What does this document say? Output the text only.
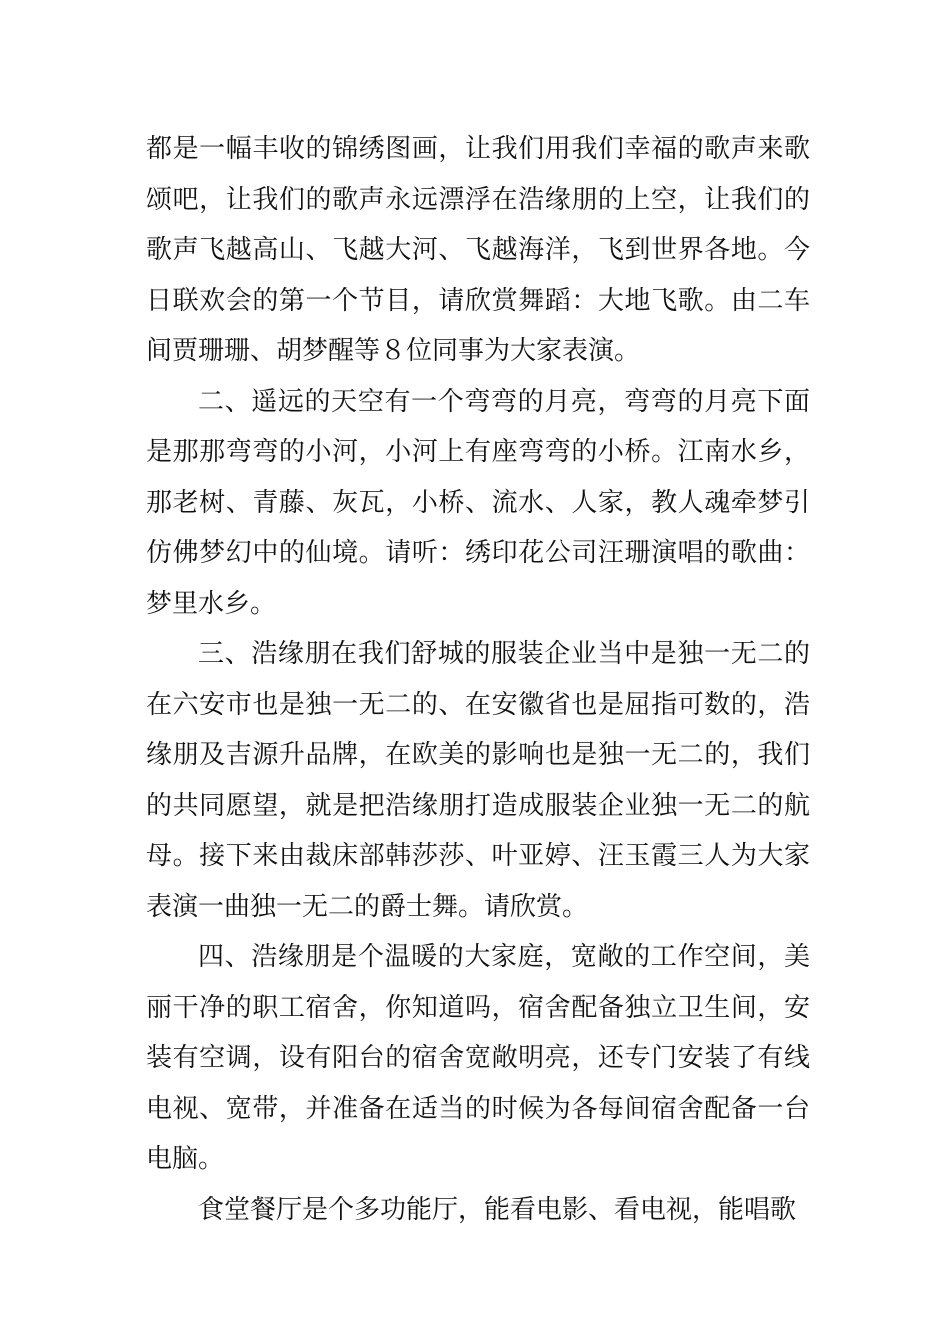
都是一幅丰收的锦绣图画，让我们用我们幸福的歌声来歌颂吧，让我们的歌声永远漂浮在浩缘朋的上空，让我们的歌声飞越高山、飞越大河、飞越海洋，飞到世界各地。今日联欢会的第一个节目，请欣赏舞蹈：大地飞歌。由二车间贾珊珊、胡梦醒等８位同事为大家表演。

二、遥远的天空有一个弯弯的月亮，弯弯的月亮下面是那那弯弯的小河，小河上有座弯弯的小桥。江南水乡，那老树、青藤、灰瓦，小桥、流水、人家，教人魂牵梦引仿佛梦幻中的仙境。请听：绣印花公司汪珊演唱的歌曲：梦里水乡。

三、浩缘朋在我们舒城的服装企业当中是独一无二的在六安市也是独一无二的、在安徽省也是屈指可数的，浩缘朋及吉源升品牌，在欧美的影响也是独一无二的，我们的共同愿望，就是把浩缘朋打造成服装企业独一无二的航母。接下来由裁床部韩莎莎、叶亚婷、汪玉霞三人为大家表演一曲独一无二的爵士舞。请欣赏。

四、浩缘朋是个温暖的大家庭，宽敞的工作空间，美丽干净的职工宿舍，你知道吗，宿舍配备独立卫生间，安装有空调，设有阳台的宿舍宽敞明亮，还专门安装了有线电视、宽带，并准备在适当的时候为各每间宿舍配备一台电脑。

食堂餐厅是个多功能厅，能看电影、看电视，能唱歌
